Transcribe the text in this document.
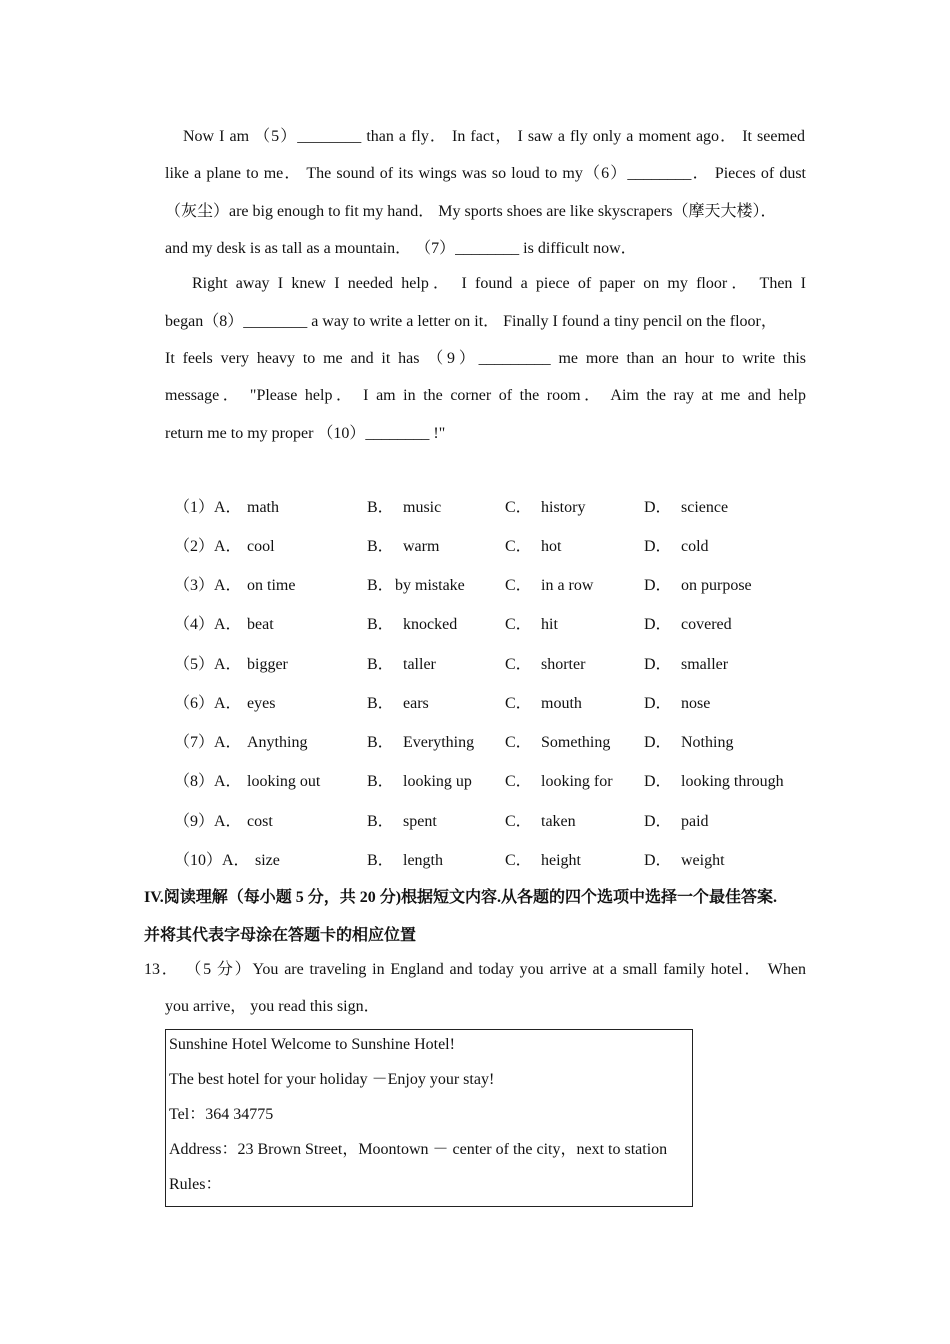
Now I am （5）________ than a fly． In fact， I saw a fly only a moment ago． It seemed
like a plane to me． The sound of its wings was so loud to my（6）________． Pieces of dust
（灰尘）are big enough to fit my hand． My sports shoes are like skyscrapers（摩天大楼）．
and my desk is as tall as a mountain． （7）________ is difficult now．
Right away I knew I needed help． I found a piece of paper on my floor． Then I
began（8）________ a way to write a letter on it． Finally I found a tiny pencil on the floor，
It feels very heavy to me and it has （9）_________ me more than an hour to write this
message． "Please help． I am in the corner of the room． Aim the ray at me and help
return me to my proper （10）________ !"
（1）A． math	B． music	C． history	D． science
（2）A． cool	B． warm	C． hot	D． cold
（3）A． on time	B． by mistake	C． in a row	D． on purpose
（4）A． beat	B． knocked	C． hit	D． covered
（5）A． bigger	B． taller	C． shorter	D． smaller
（6）A． eyes	B． ears	C． mouth	D． nose
（7）A． Anything	B． Everything C． Something D． Nothing
（8）A． looking out	B． looking up C． looking for D． looking through
（9）A． cost	B． spent	C． taken	D． paid
（10）A． size	B． length	C． height	D． weight
IV.阅读理解（每小题 5 分，共 20 分)根据短文内容.从各题的四个选项中选择一个最佳答案.
并将其代表字母涂在答题卡的相应位置
13． （5 分）You are traveling in England and today you arrive at a small family hotel． When
you arrive， you read this sign．
Sunshine Hotel Welcome to Sunshine Hotel!
The best hotel for your holiday －Enjoy your stay!
Tel：364 34775
Address：23 Brown Street，Moontown － center of the city，next to station
Rules：
